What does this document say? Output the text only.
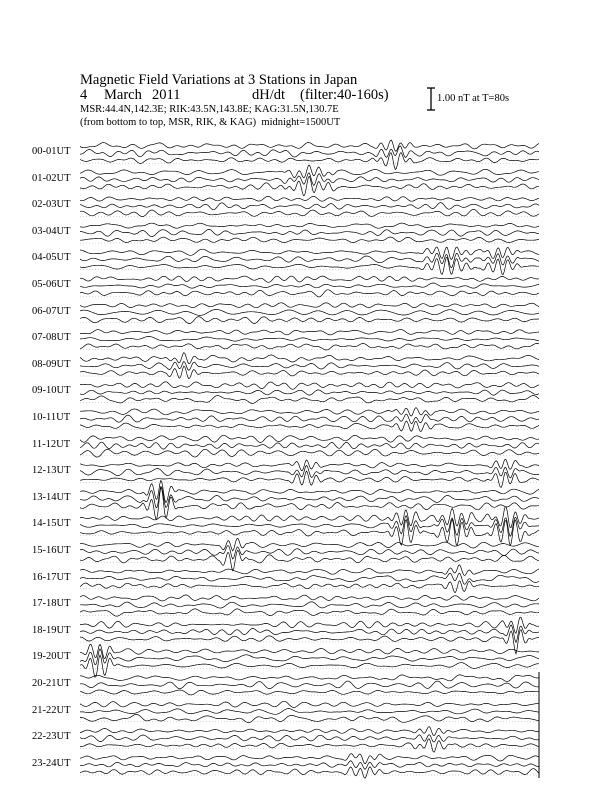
Magnetic Field Variations at 3 Stations in Japan
4 March 2011	dH/dt (filter:40-160s)
MSR:44.4N,142.3E; RIK:43.5N,143.8E; KAG:31.5N,130.7E
(from bottom to top, MSR, RIK, & KAG) midnight=1500UT
1.00 nT at T=80s
00-01UT
01-02UT
02-03UT
03-04UT
04-05UT
05-06UT
06-07UT
07-08UT
08-09UT
09-10UT
10-11UT
11-12UT
12-13UT
13-14UT
14-15UT
15-16UT
16-17UT
17-18UT
18-19UT
19-20UT
20-21UT
21-22UT
22-23UT
23-24UT
